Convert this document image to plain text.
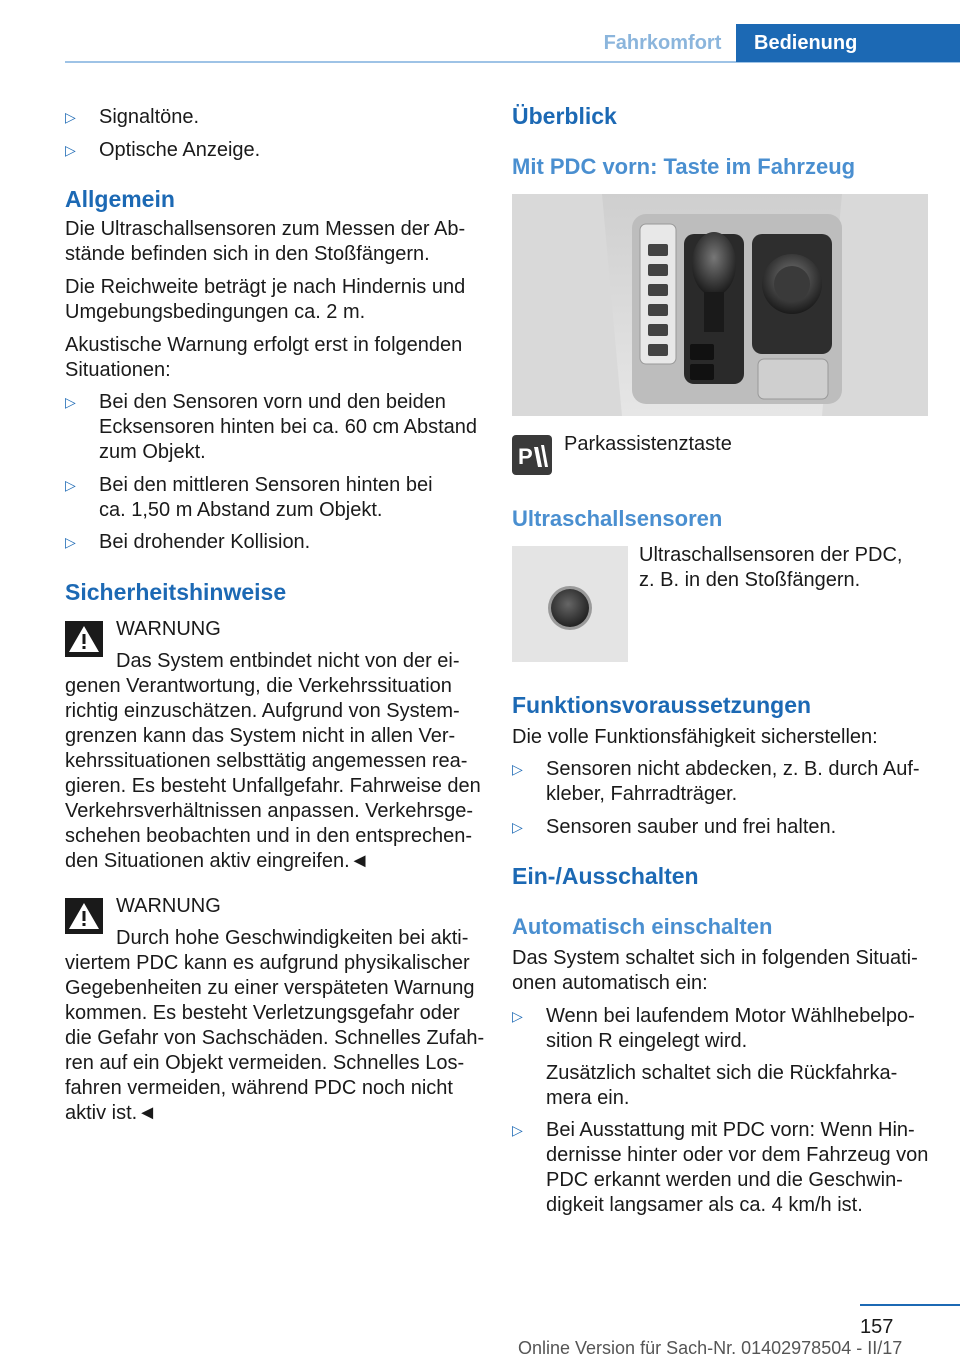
Fahrkomfort	Bedienung
▷ Signaltöne.
▷ Optische Anzeige.
Allgemein
Die Ultraschallsensoren zum Messen der Ab-
stände befinden sich in den Stoßfängern.
Die Reichweite beträgt je nach Hindernis und
Umgebungsbedingungen ca. 2 m.
Akustische Warnung erfolgt erst in folgenden
Situationen:
▷ Bei den Sensoren vorn und den beiden
Ecksensoren hinten bei ca. 60 cm Abstand
zum Objekt.
▷ Bei den mittleren Sensoren hinten bei
ca. 1,50 m Abstand zum Objekt.
▷ Bei drohender Kollision.
Sicherheitshinweise
WARNUNG
Das System entbindet nicht von der ei-
genen Verantwortung, die Verkehrssituation
richtig einzuschätzen. Aufgrund von System-
grenzen kann das System nicht in allen Ver-
kehrssituationen selbsttätig angemessen rea-
gieren. Es besteht Unfallgefahr. Fahrweise den
Verkehrsverhältnissen anpassen. Verkehrsge-
schehen beobachten und in den entsprechen-
den Situationen aktiv eingreifen.◄
WARNUNG
Durch hohe Geschwindigkeiten bei akti-
viertem PDC kann es aufgrund physikalischer
Gegebenheiten zu einer verspäteten Warnung
kommen. Es besteht Verletzungsgefahr oder
die Gefahr von Sachschäden. Schnelles Zufah-
ren auf ein Objekt vermeiden. Schnelles Los-
fahren vermeiden, während PDC noch nicht
aktiv ist.◄
Überblick
Mit PDC vorn: Taste im Fahrzeug
P Parkassistenztaste
Ultraschallsensoren
Ultraschallsensoren der PDC,
z. B. in den Stoßfängern.
Funktionsvoraussetzungen
Die volle Funktionsfähigkeit sicherstellen:
▷ Sensoren nicht abdecken, z. B. durch Auf-
kleber, Fahrradträger.
▷ Sensoren sauber und frei halten.
Ein-/Ausschalten
Automatisch einschalten
Das System schaltet sich in folgenden Situati-
onen automatisch ein:
▷ Wenn bei laufendem Motor Wählhebelpo-
sition R eingelegt wird.
Zusätzlich schaltet sich die Rückfahrka-
mera ein.
▷ Bei Ausstattung mit PDC vorn: Wenn Hin-
dernisse hinter oder vor dem Fahrzeug von
PDC erkannt werden und die Geschwin-
digkeit langsamer als ca. 4 km/h ist.
157
Online Version für Sach-Nr. 01402978504 - II/17
